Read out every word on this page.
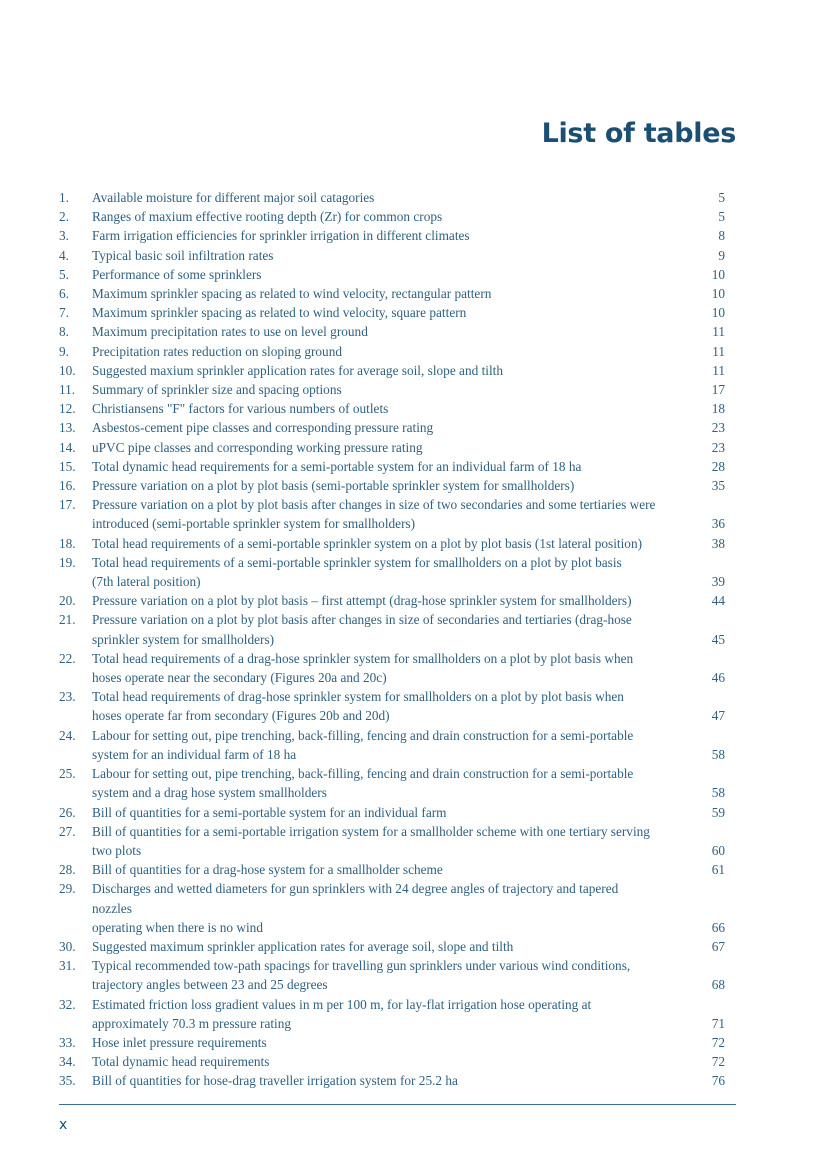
List of tables
1.	Available moisture for different major soil catagories	5
2.	Ranges of maxium effective rooting depth (Zr) for common crops	5
3.	Farm irrigation efficiencies for sprinkler irrigation in different climates	8
4.	Typical basic soil infiltration rates	9
5.	Performance of some sprinklers	10
6.	Maximum sprinkler spacing as related to wind velocity, rectangular pattern	10
7.	Maximum sprinkler spacing as related to wind velocity, square pattern	10
8.	Maximum precipitation rates to use on level ground	11
9.	Precipitation rates reduction on sloping ground	11
10.	Suggested maxium sprinkler application rates for average soil, slope and tilth	11
11.	Summary of sprinkler size and spacing options	17
12.	Christiansens "F" factors for various numbers of outlets	18
13.	Asbestos-cement pipe classes and corresponding pressure rating	23
14.	uPVC pipe classes and corresponding working pressure rating	23
15.	Total dynamic head requirements for a semi-portable system for an individual farm of 18 ha	28
16.	Pressure variation on a plot by plot basis (semi-portable sprinkler system for smallholders)	35
17.	Pressure variation on a plot by plot basis after changes in size of two secondaries and some tertiaries were
introduced (semi-portable sprinkler system for smallholders)	36
18.	Total head requirements of a semi-portable sprinkler system on a plot by plot basis (1st lateral position)	38
19.	Total head requirements of a semi-portable sprinkler system for smallholders on a plot by plot basis
(7th lateral position)	39
20.	Pressure variation on a plot by plot basis – first attempt (drag-hose sprinkler system for smallholders)	44
21.	Pressure variation on a plot by plot basis after changes in size of secondaries and tertiaries (drag-hose
sprinkler system for smallholders)	45
22.	Total head requirements of a drag-hose sprinkler system for smallholders on a plot by plot basis when
hoses operate near the secondary (Figures 20a and 20c)	46
23.	Total head requirements of drag-hose sprinkler system for smallholders on a plot by plot basis when
hoses operate far from secondary (Figures 20b and 20d)	47
24.	Labour for setting out, pipe trenching, back-filling, fencing and drain construction for a semi-portable
system for an individual farm of 18 ha	58
25.	Labour for setting out, pipe trenching, back-filling, fencing and drain construction for a semi-portable
system and a drag hose system smallholders	58
26.	Bill of quantities for a semi-portable system for an individual farm	59
27.	Bill of quantities for a semi-portable irrigation system for a smallholder scheme with one tertiary serving
two plots	60
28.	Bill of quantities for a drag-hose system for a smallholder scheme	61
29.	Discharges and wetted diameters for gun sprinklers with 24 degree angles of trajectory and tapered nozzles
operating when there is no wind	66
30.	Suggested maximum sprinkler application rates for average soil, slope and tilth	67
31.	Typical recommended tow-path spacings for travelling gun sprinklers under various wind conditions,
trajectory angles between 23 and 25 degrees	68
32.	Estimated friction loss gradient values in m per 100 m, for lay-flat irrigation hose operating at
approximately 70.3 m pressure rating	71
33.	Hose inlet pressure requirements	72
34.	Total dynamic head requirements	72
35.	Bill of quantities for hose-drag traveller irrigation system for 25.2 ha	76
x
